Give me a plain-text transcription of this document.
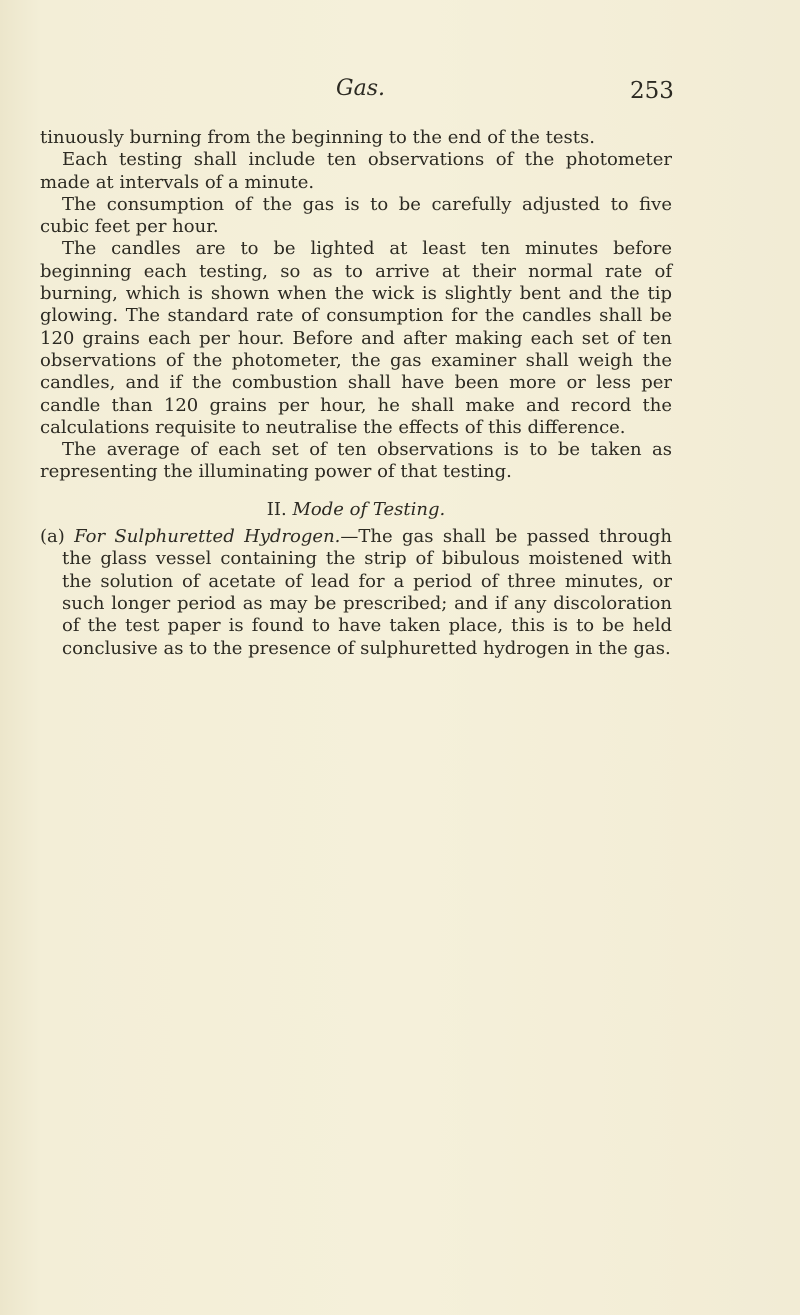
Gas.	253

tinuously burning from the beginning to the end of the tests.

Each testing shall include ten observations of the photometer made at intervals of a minute.

The consumption of the gas is to be carefully adjusted to five cubic feet per hour.

The candles are to be lighted at least ten minutes before beginning each testing, so as to arrive at their normal rate of burning, which is shown when the wick is slightly bent and the tip glowing. The standard rate of consumption for the candles shall be 120 grains each per hour. Before and after making each set of ten observations of the photometer, the gas examiner shall weigh the candles, and if the combustion shall have been more or less per candle than 120 grains per hour, he shall make and record the calculations requisite to neutralise the effects of this difference.

The average of each set of ten observations is to be taken as representing the illuminating power of that testing.

II. Mode of Testing.

(a) For Sulphuretted Hydrogen.—The gas shall be passed through the glass vessel containing the strip of bibulous moistened with the solution of acetate of lead for a period of three minutes, or such longer period as may be prescribed; and if any discoloration of the test paper is found to have taken place, this is to be held conclusive as to the presence of sulphuretted hydrogen in the gas.
